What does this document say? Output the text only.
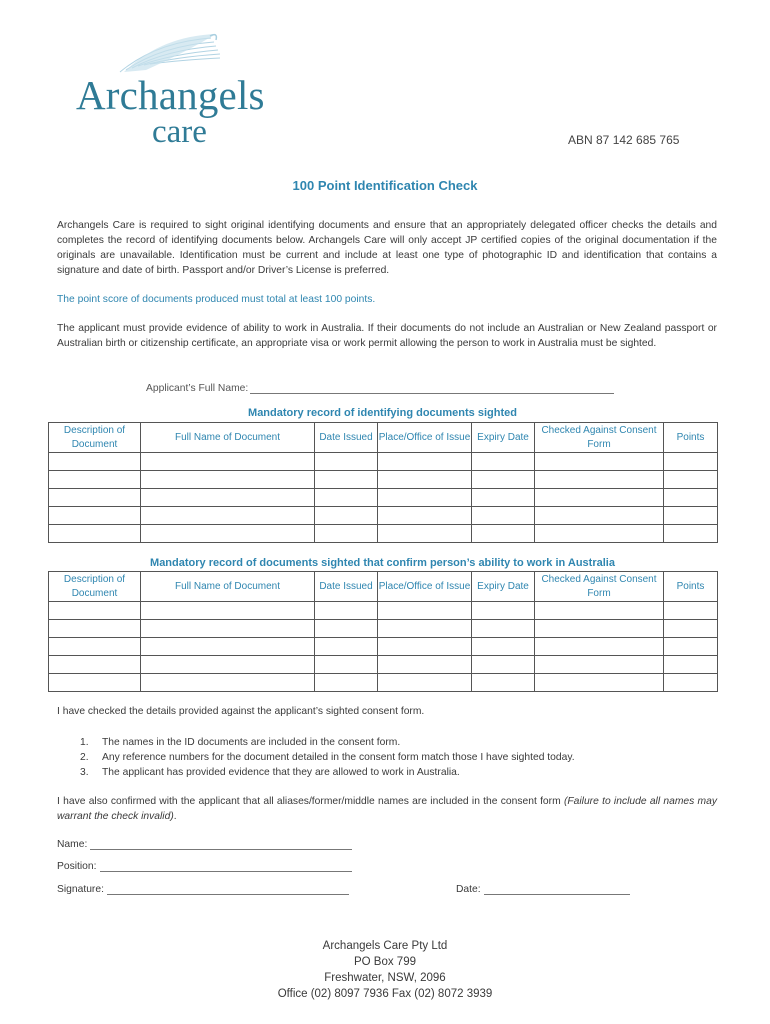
Archangels
care	ABN 87 142 685 765
100 Point Identification Check
Archangels Care is required to sight original identifying documents and ensure that an appropriately delegated officer checks the details and completes the record of identifying documents below. Archangels Care will only accept JP certified copies of the original documentation if the originals are unavailable. Identification must be current and include at least one type of photographic ID and identification that contains a signature and date of birth. Passport and/or Driver’s License is preferred.
The point score of documents produced must total at least 100 points.
The applicant must provide evidence of ability to work in Australia. If their documents do not include an Australian or New Zealand passport or Australian birth or citizenship certificate, an appropriate visa or work permit allowing the person to work in Australia must be sighted.
Applicant’s Full Name:
Mandatory record of identifying documents sighted
Description of Document	Full Name of Document	Date Issued	Place/Office of Issue	Expiry Date	Checked Against Consent Form	Points

Mandatory record of documents sighted that confirm person’s ability to work in Australia
Description of Document	Full Name of Document	Date Issued	Place/Office of Issue	Expiry Date	Checked Against Consent Form	Points

I have checked the details provided against the applicant’s sighted consent form.
1. The names in the ID documents are included in the consent form.
2. Any reference numbers for the document detailed in the consent form match those I have sighted today.
3. The applicant has provided evidence that they are allowed to work in Australia.
I have also confirmed with the applicant that all aliases/former/middle names are included in the consent form (Failure to include all names may warrant the check invalid).
Name:
Position:
Signature:	Date:
Archangels Care Pty Ltd
PO Box 799
Freshwater, NSW, 2096
Office (02) 8097 7936 Fax (02) 8072 3939
